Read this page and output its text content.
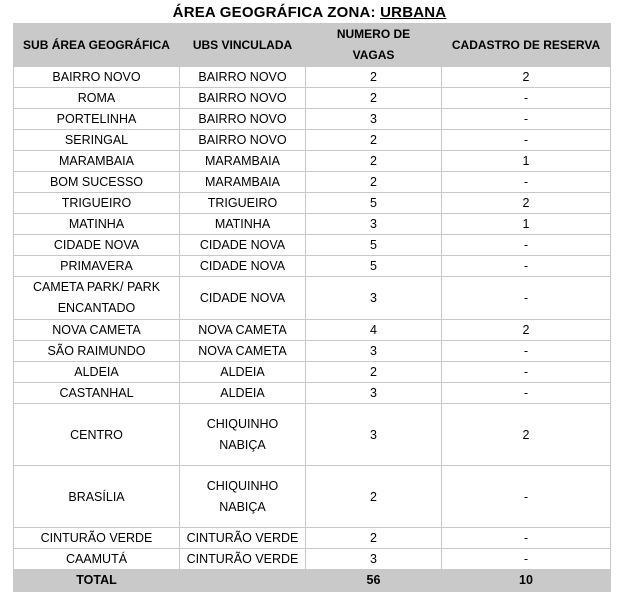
ÁREA GEOGRÁFICA ZONA: URBANA
SUB ÁREA GEOGRÁFICA	UBS VINCULADA	NUMERO DE VAGAS	CADASTRO DE RESERVA
BAIRRO NOVO	BAIRRO NOVO	2	2
ROMA	BAIRRO NOVO	2	-
PORTELINHA	BAIRRO NOVO	3	-
SERINGAL	BAIRRO NOVO	2	-
MARAMBAIA	MARAMBAIA	2	1
BOM SUCESSO	MARAMBAIA	2	-
TRIGUEIRO	TRIGUEIRO	5	2
MATINHA	MATINHA	3	1
CIDADE NOVA	CIDADE NOVA	5	-
PRIMAVERA	CIDADE NOVA	5	-
CAMETA PARK/ PARK ENCANTADO	CIDADE NOVA	3	-
NOVA CAMETA	NOVA CAMETA	4	2
SÃO RAIMUNDO	NOVA CAMETA	3	-
ALDEIA	ALDEIA	2	-
CASTANHAL	ALDEIA	3	-
CENTRO	CHIQUINHO NABIÇA	3	2
BRASÍLIA	CHIQUINHO NABIÇA	2	-
CINTURÃO VERDE	CINTURÃO VERDE	2	-
CAAMUTÁ	CINTURÃO VERDE	3	-
TOTAL		56	10
